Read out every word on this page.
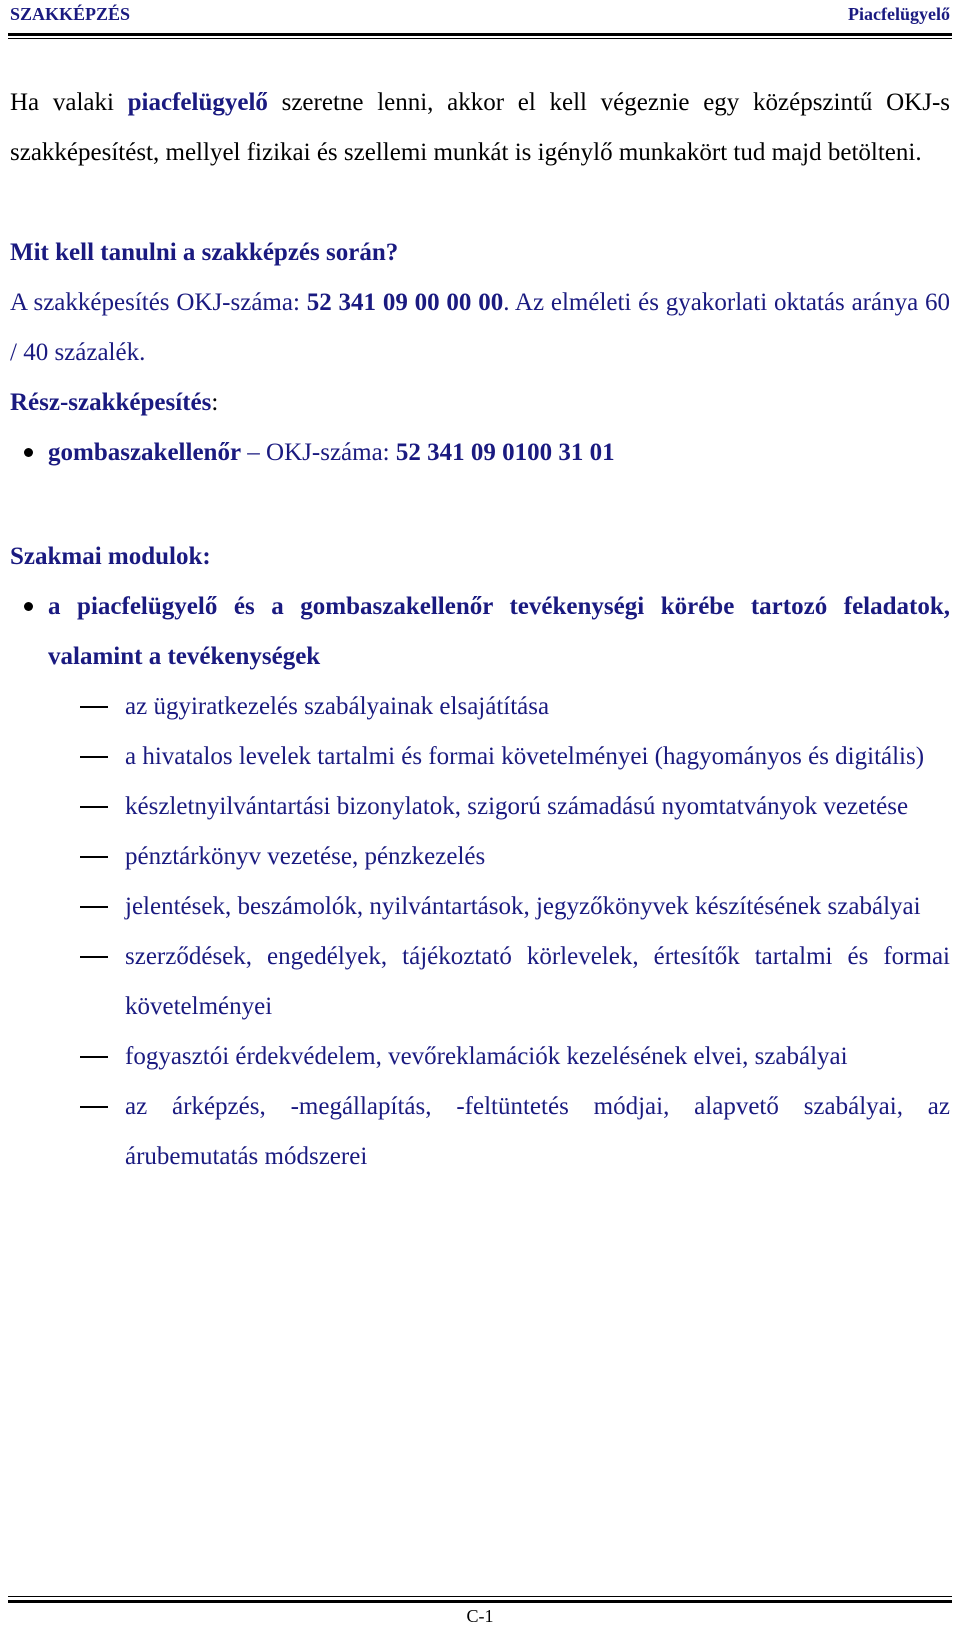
SZAKKÉPZÉS	Piacfelügyelő

Ha valaki piacfelügyelő szeretne lenni, akkor el kell végeznie egy középszintű OKJ-s szakképesítést, mellyel fizikai és szellemi munkát is igénylő munkakört tud majd betölteni.

Mit kell tanulni a szakképzés során?

A szakképesítés OKJ-száma: 52 341 09 00 00 00. Az elméleti és gyakorlati oktatás aránya 60 / 40 százalék.

Rész-szakképesítés:

gombaszakellenőr – OKJ-száma: 52 341 09 0100 31 01

Szakmai modulok:

a piacfelügyelő és a gombaszakellenőr tevékenységi körébe tartozó feladatok, valamint a tevékenységek
az ügyiratkezelés szabályainak elsajátítása
a hivatalos levelek tartalmi és formai követelményei (hagyományos és digitális)
készletnyilvántartási bizonylatok, szigorú számadású nyomtatványok vezetése
pénztárkönyv vezetése, pénzkezelés
jelentések, beszámolók, nyilvántartások, jegyzőkönyvek készítésének szabályai
szerződések, engedélyek, tájékoztató körlevelek, értesítők tartalmi és formai követelményei
fogyasztói érdekvédelem, vevőreklamációk kezelésének elvei, szabályai
az árképzés, -megállapítás, -feltüntetés módjai, alapvető szabályai, az árubemutatás módszerei
C-1
